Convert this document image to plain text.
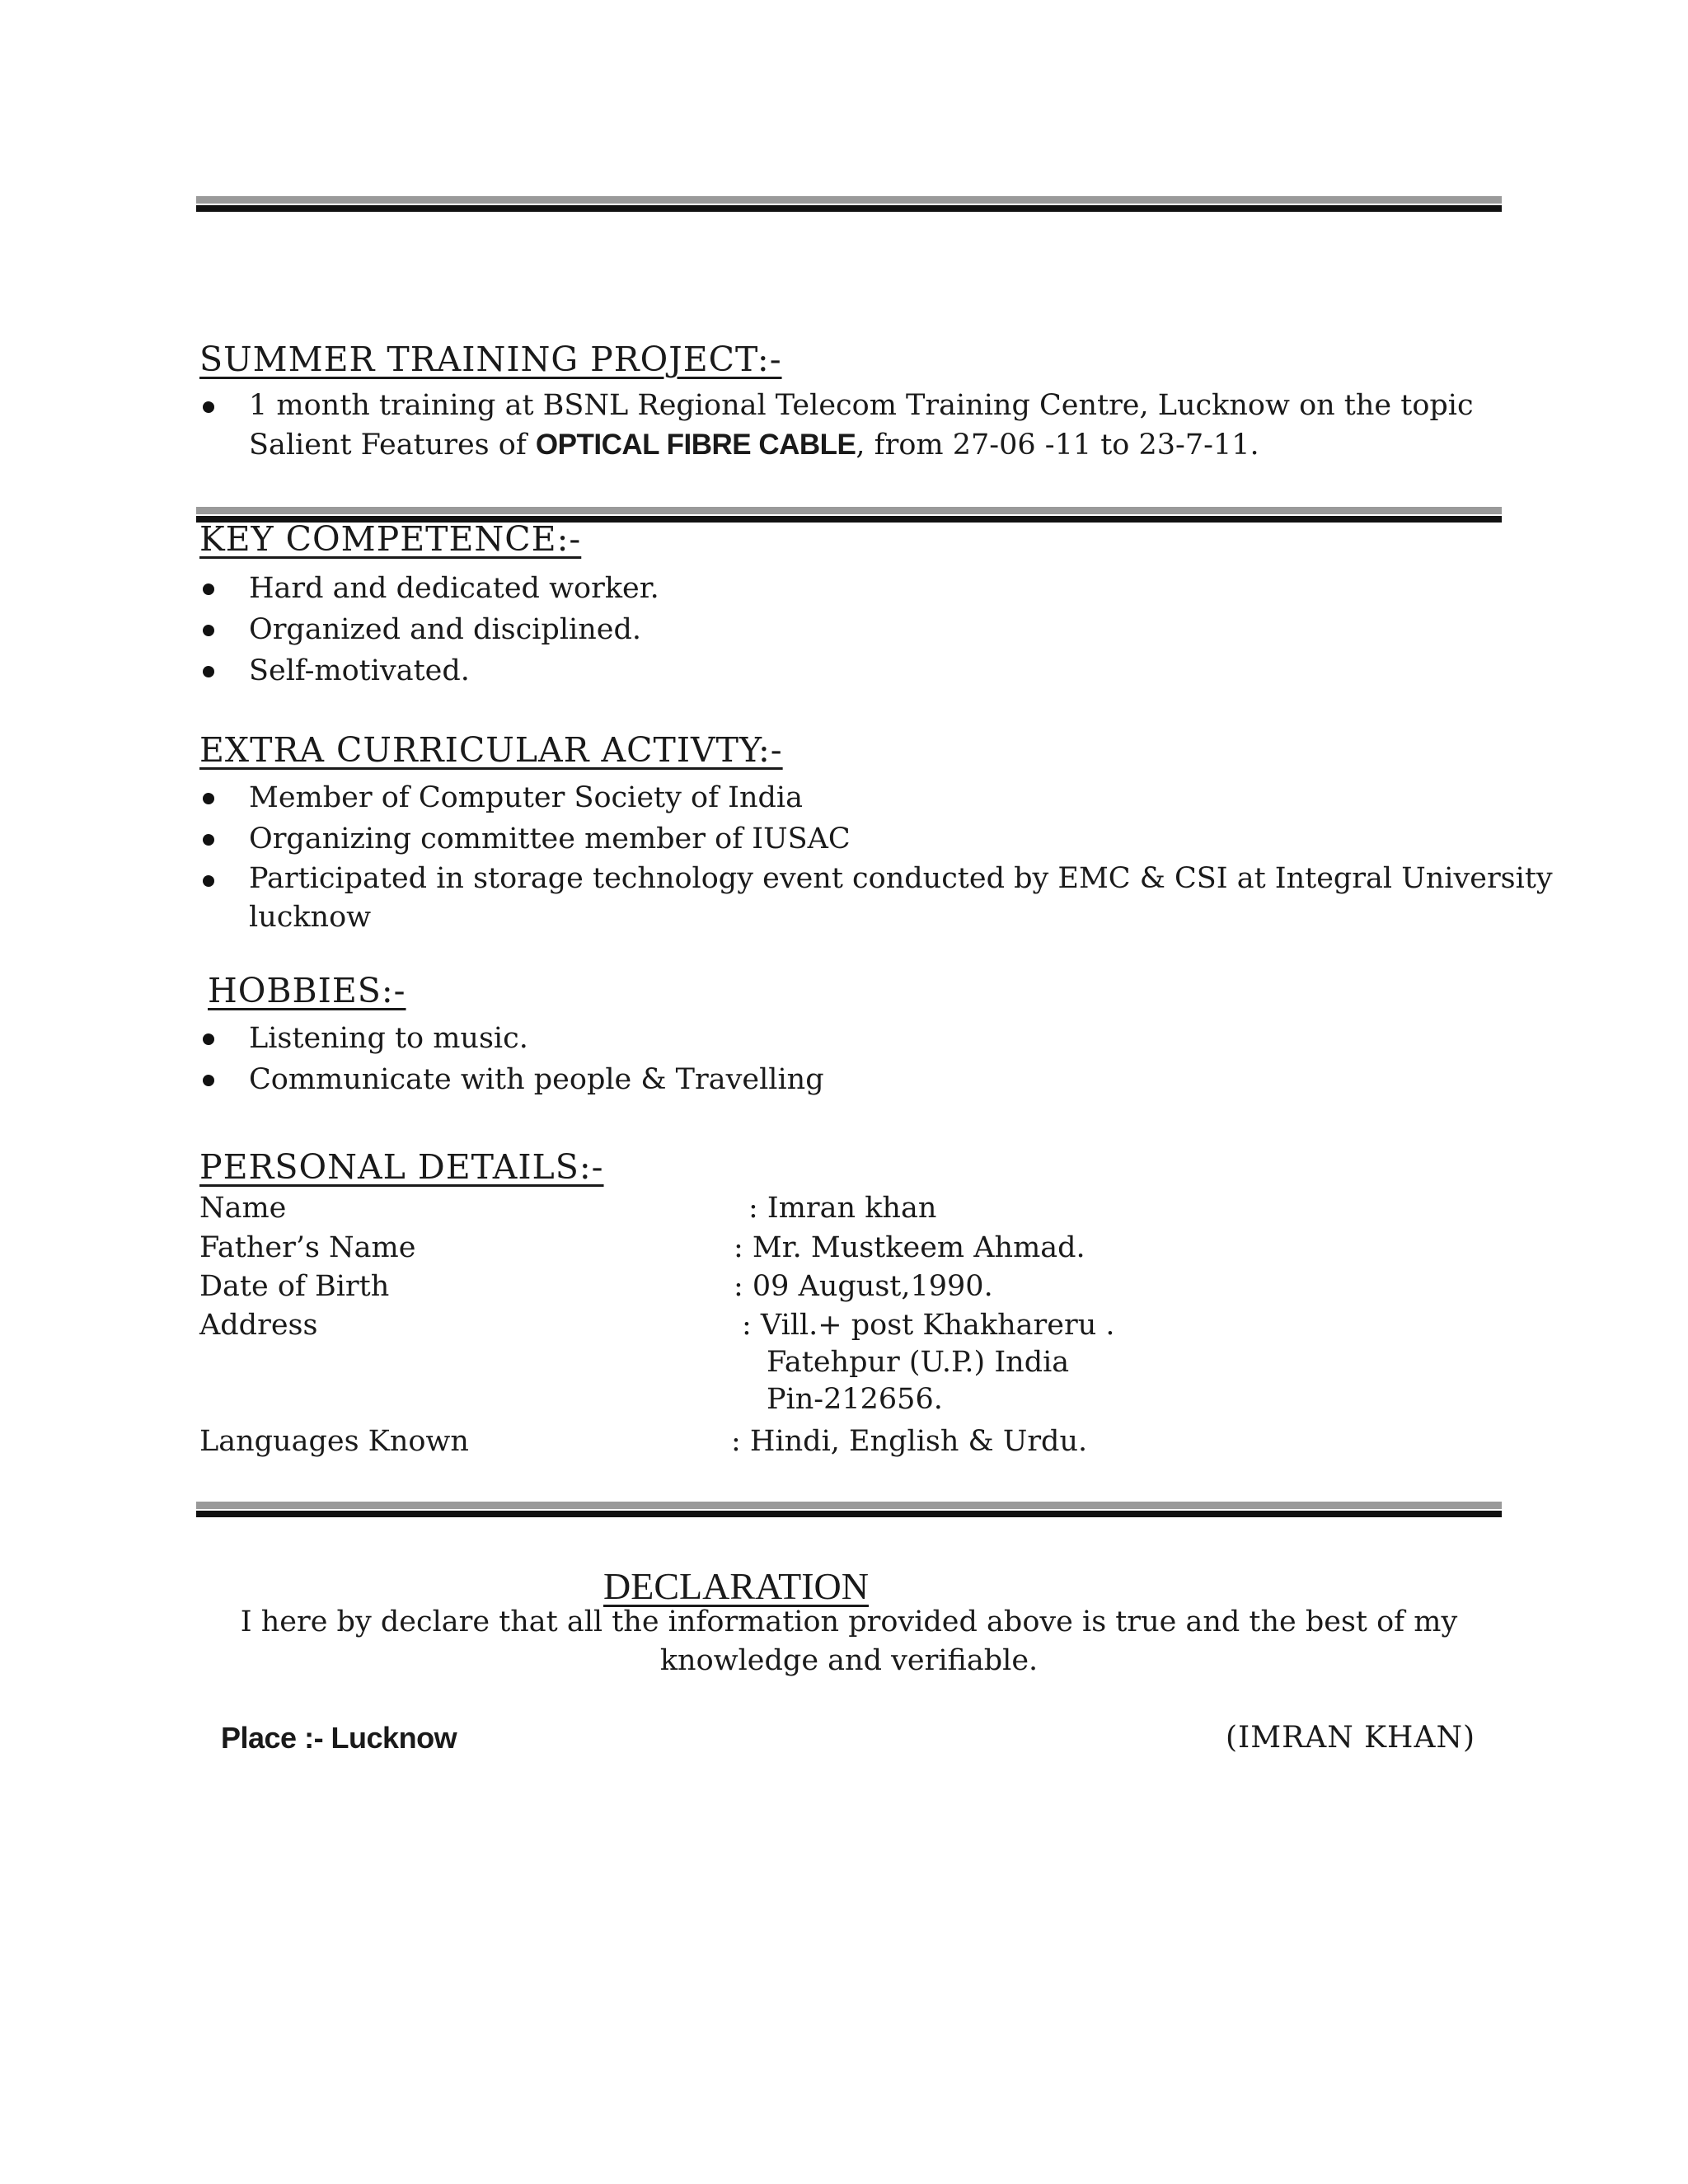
SUMMER TRAINING PROJECT:-
1 month training at BSNL Regional Telecom Training Centre, Lucknow on the topic
Salient Features of OPTICAL FIBRE CABLE, from 27-06 -11 to 23-7-11.
KEY COMPETENCE:-
Hard and dedicated worker.
Organized and disciplined.
Self-motivated.
EXTRA CURRICULAR ACTIVTY:-
Member of Computer Society of India
Organizing committee member of IUSAC
Participated in storage technology event conducted by EMC & CSI at Integral University
lucknow
HOBBIES:-
Listening to music.
Communicate with people & Travelling
PERSONAL DETAILS:-
Name	: Imran khan
Father’s Name	: Mr. Mustkeem Ahmad.
Date of Birth	: 09 August,1990.
Address	: Vill.+ post Khakhareru .
Fatehpur (U.P.) India
Pin-212656.
Languages Known	: Hindi, English & Urdu.
DECLARATION
I here by declare that all the information provided above is true and the best of my
knowledge and verifiable.
Place :- Lucknow	(IMRAN KHAN)
